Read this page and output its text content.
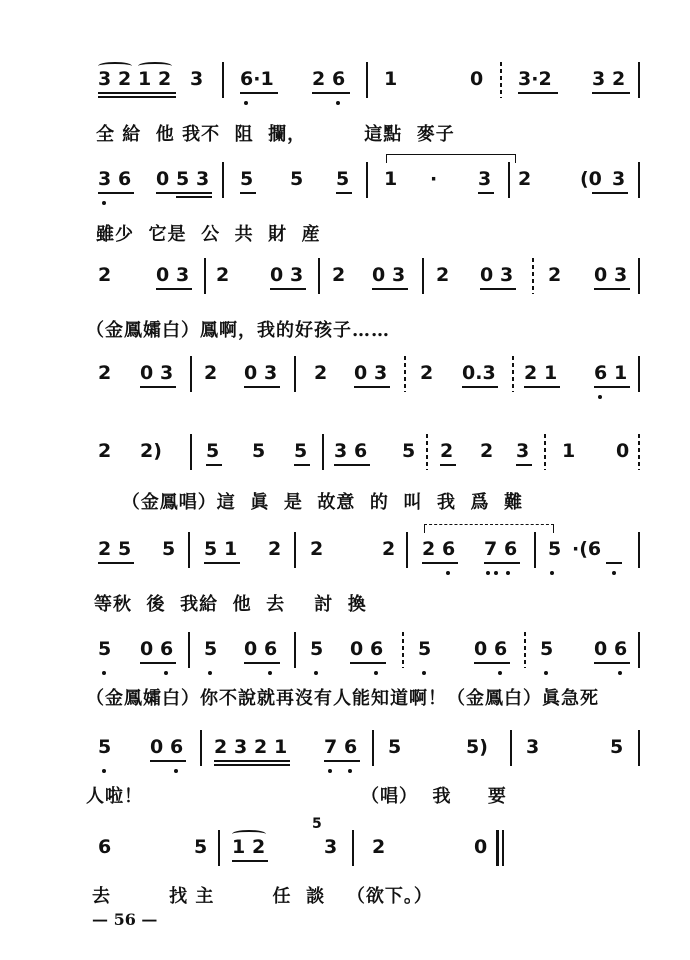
3 2 1 2 3 6·1 2 6 1	0 3·2 3 2
全 給  他 我不  阻  攔，        這點  麥子
3 6 0 5 3 5 5 5 1 · 3 2	(0 3
雖少  它是  公  共  財  産
2 0 3 2 0 3 2 0 3 2 0 3 2 0 3
（金鳳孀白）鳳啊，我的好孩子……
2 0 3 2 0 3 2 0 3 2 0.3 2 1 6 1
2 2) 5 5 5 3 6 5 2 2 3 1 0
（金鳳唱）這  眞  是  故意  的  叫  我  爲  難
2 5 5 5 1 2 2	2 2 6 7 6 5 ·(6
等秋  後  我給  他  去    討  換
5 0 6 5 0 6 5 0 6 5 0 6 5 0 6
（金鳳孀白）你不說就再沒有人能知道啊！（金鳳白）眞急死
5 0 6 2 3 2 1 7 6 5	5) 3	5
人啦！                              （唱）  我     要
6	5 1 2
5
3 2	0
去        找 主        任  談   （欲下。）
— 56 —
